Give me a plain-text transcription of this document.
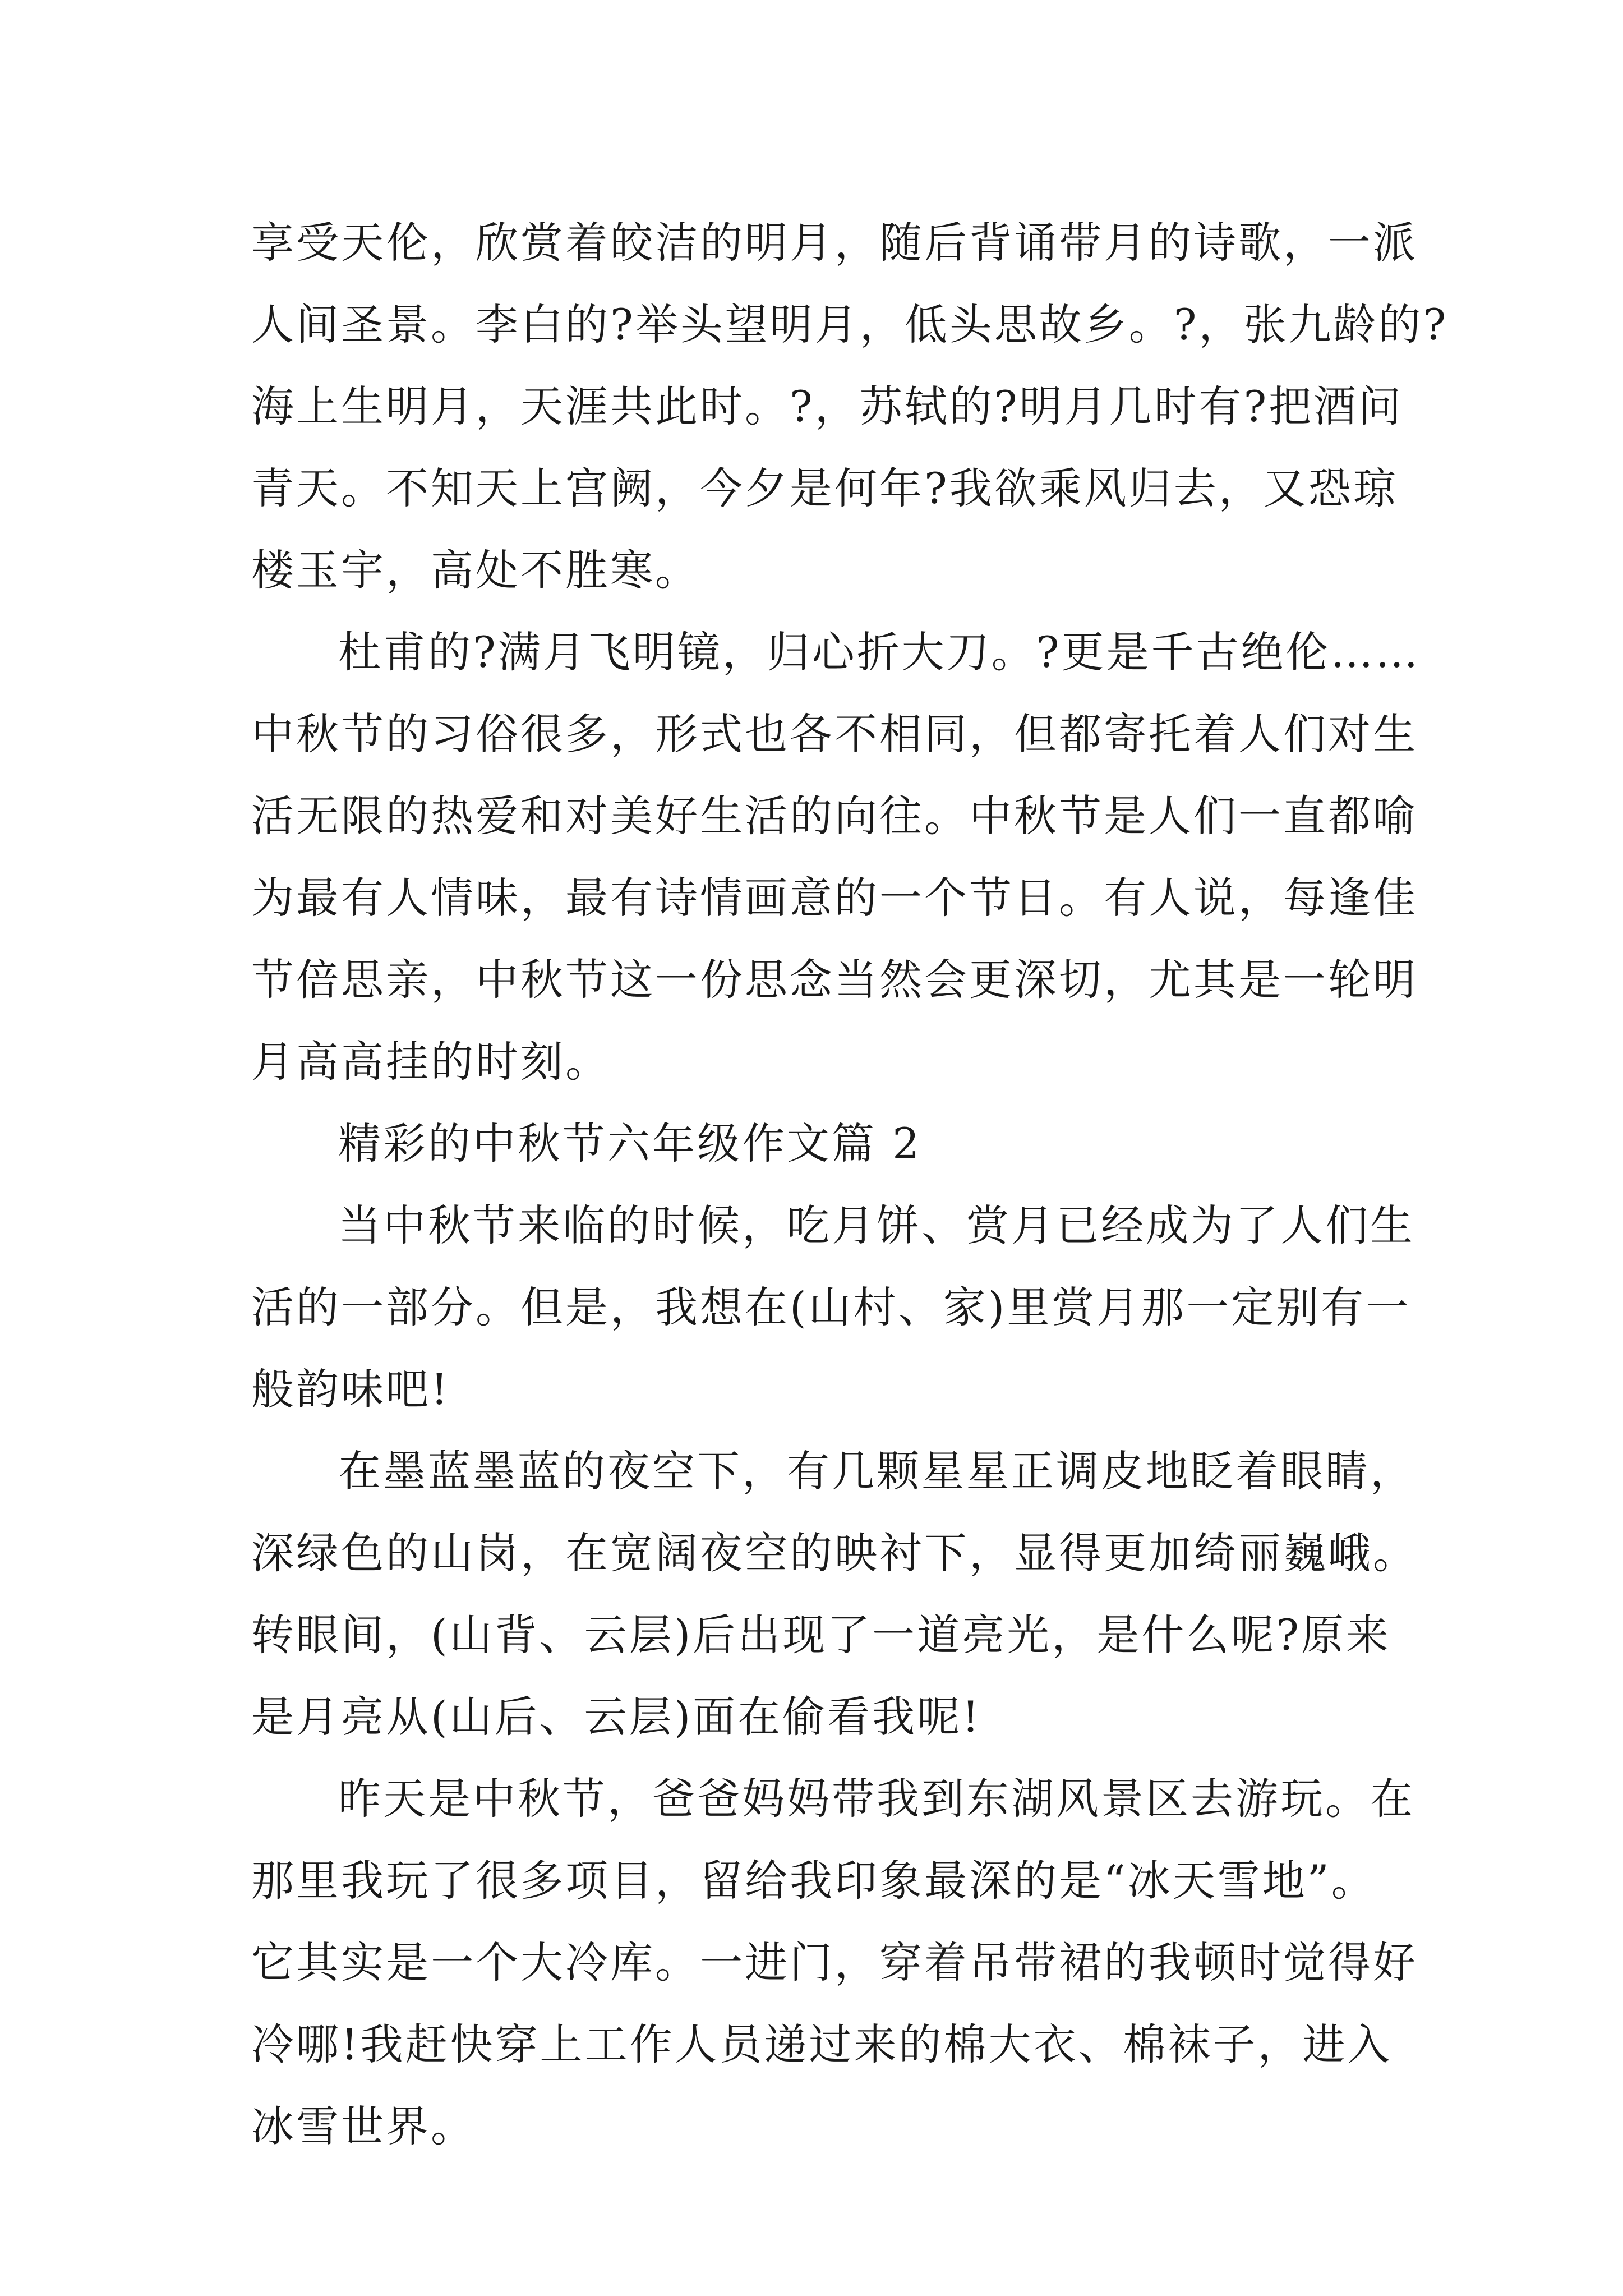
享受天伦，欣赏着皎洁的明月，随后背诵带月的诗歌，一派
人间圣景。李白的?举头望明月，低头思故乡。?，张九龄的?
海上生明月，天涯共此时。?，苏轼的?明月几时有?把酒问
青天。不知天上宫阙，今夕是何年?我欲乘风归去，又恐琼
楼玉宇，高处不胜寒。
杜甫的?满月飞明镜，归心折大刀。?更是千古绝伦……
中秋节的习俗很多，形式也各不相同，但都寄托着人们对生
活无限的热爱和对美好生活的向往。中秋节是人们一直都喻
为最有人情味，最有诗情画意的一个节日。有人说，每逢佳
节倍思亲，中秋节这一份思念当然会更深切，尤其是一轮明
月高高挂的时刻。
精彩的中秋节六年级作文篇 2
当中秋节来临的时候，吃月饼、赏月已经成为了人们生
活的一部分。但是，我想在(山村、家)里赏月那一定别有一
般韵味吧!
在墨蓝墨蓝的夜空下，有几颗星星正调皮地眨着眼睛，
深绿色的山岗，在宽阔夜空的映衬下，显得更加绮丽巍峨。
转眼间，(山背、云层)后出现了一道亮光，是什么呢?原来
是月亮从(山后、云层)面在偷看我呢!
昨天是中秋节，爸爸妈妈带我到东湖风景区去游玩。在
那里我玩了很多项目，留给我印象最深的是“冰天雪地”。
它其实是一个大冷库。一进门，穿着吊带裙的我顿时觉得好
冷哪!我赶快穿上工作人员递过来的棉大衣、棉袜子，进入
冰雪世界。
